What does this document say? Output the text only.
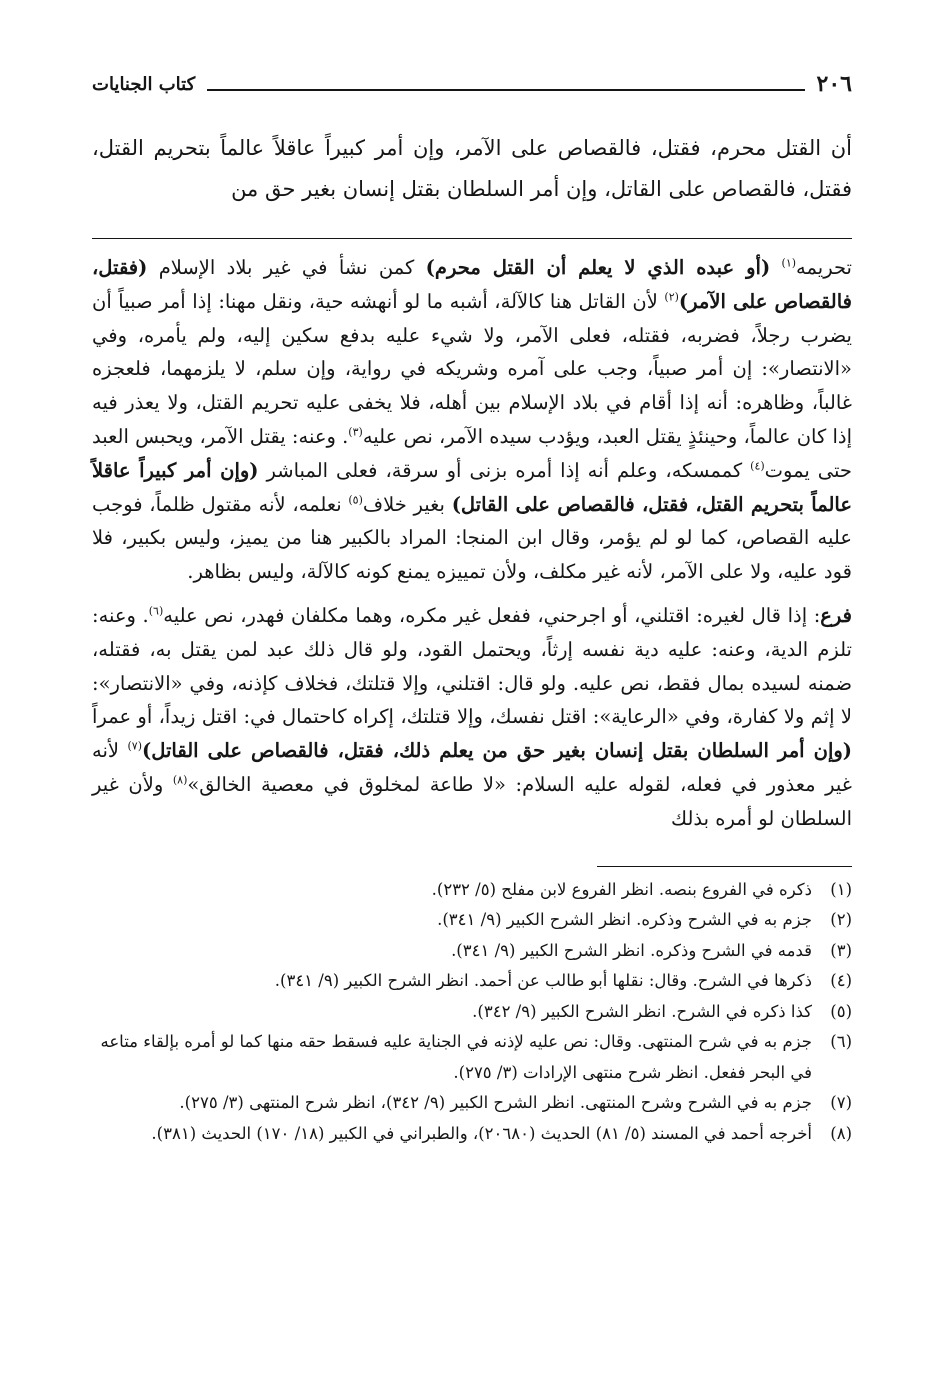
٢٠٦
كتاب الجنايات
أن القتل محرم، فقتل، فالقصاص على الآمر، وإن أمر كبيراً عاقلاً عالماً بتحريم القتل، فقتل، فالقصاص على القاتل، وإن أمر السلطان بقتل إنسان بغير حق من

تحريمه$^{(١)}$ (أو عبده الذي لا يعلم أن القتل محرم) كمن نشأ في غير بلاد الإسلام (فقتل، فالقصاص على الآمر)$^{(٢)}$ لأن القاتل هنا كالآلة، أشبه ما لو أنهشه حية، ونقل مهنا: إذا أمر صبياً أن يضرب رجلاً، فضربه، فقتله، فعلى الآمر، ولا شيء عليه بدفع سكين إليه، ولم يأمره، وفي «الانتصار»: إن أمر صبياً، وجب على آمره وشريكه في رواية، وإن سلم، لا يلزمهما، فلعجزه غالباً، وظاهره: أنه إذا أقام في بلاد الإسلام بين أهله، فلا يخفى عليه تحريم القتل، ولا يعذر فيه إذا كان عالماً، وحينئذٍ يقتل العبد، ويؤدب سيده الآمر، نص عليه$^{(٣)}$. وعنه: يقتل الآمر، ويحبس العبد حتى يموت$^{(٤)}$ كممسكه، وعلم أنه إذا أمره بزنى أو سرقة، فعلى المباشر (وإن أمر كبيراً عاقلاً عالماً بتحريم القتل، فقتل، فالقصاص على القاتل) بغير خلاف$^{(٥)}$ نعلمه، لأنه مقتول ظلماً، فوجب عليه القصاص، كما لو لم يؤمر، وقال ابن المنجا: المراد بالكبير هنا من يميز، وليس بكبير، فلا قود عليه، ولا على الآمر، لأنه غير مكلف، ولأن تمييزه يمنع كونه كالآلة، وليس بظاهر.

فرع: إذا قال لغيره: اقتلني، أو اجرحني، ففعل غير مكره، وهما مكلفان فهدر، نص عليه$^{(٦)}$. وعنه: تلزم الدية، وعنه: عليه دية نفسه إرثاً، ويحتمل القود، ولو قال ذلك عبد لمن يقتل به، فقتله، ضمنه لسيده بمال فقط، نص عليه. ولو قال: اقتلني، وإلا قتلتك، فخلاف كإذنه، وفي «الانتصار»: لا إثم ولا كفارة، وفي «الرعاية»: اقتل نفسك، وإلا قتلتك، إكراه كاحتمال في: اقتل زيداً، أو عمراً (وإن أمر السلطان بقتل إنسان بغير حق من يعلم ذلك، فقتل، فالقصاص على القاتل)$^{(٧)}$ لأنه غير معذور في فعله، لقوله عليه السلام: «لا طاعة لمخلوق في معصية الخالق»$^{(٨)}$ ولأن غير السلطان لو أمره بذلك

(١)
ذكره في الفروع بنصه. انظر الفروع لابن مفلح (٥/ ٢٣٢).
(٢)
جزم به في الشرح وذكره. انظر الشرح الكبير (٩/ ٣٤١).
(٣)
قدمه في الشرح وذكره. انظر الشرح الكبير (٩/ ٣٤١).
(٤)
ذكرها في الشرح. وقال: نقلها أبو طالب عن أحمد. انظر الشرح الكبير (٩/ ٣٤١).
(٥)
كذا ذكره في الشرح. انظر الشرح الكبير (٩/ ٣٤٢).
(٦)
جزم به في شرح المنتهى. وقال: نص عليه لإذنه في الجناية عليه فسقط حقه منها كما لو أمره بإلقاء متاعه في البحر ففعل. انظر شرح منتهى الإرادات (٣/ ٢٧٥).
(٧)
جزم به في الشرح وشرح المنتهى. انظر الشرح الكبير (٩/ ٣٤٢)، انظر شرح المنتهى (٣/ ٢٧٥).
(٨)
أخرجه أحمد في المسند (٥/ ٨١) الحديث (٢٠٦٨٠)، والطبراني في الكبير (١٨/ ١٧٠) الحديث (٣٨١).
